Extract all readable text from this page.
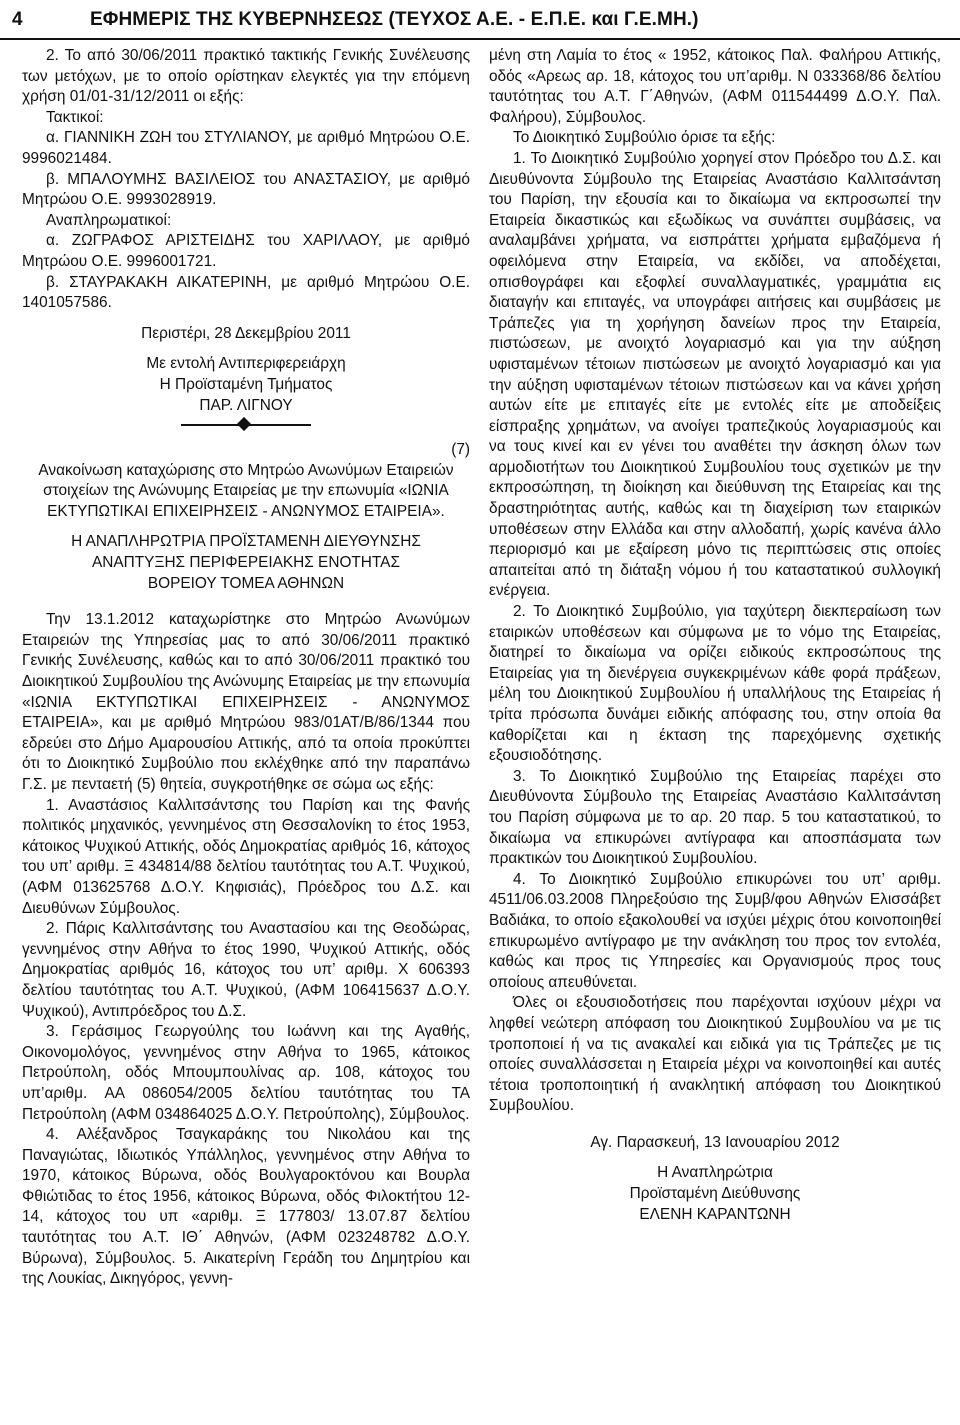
4	ΕΦΗΜΕΡΙΣ ΤΗΣ ΚΥΒΕΡΝΗΣΕΩΣ (ΤΕΥΧΟΣ Α.Ε. - Ε.Π.Ε. και Γ.Ε.ΜΗ.)

2. Το από 30/06/2011 πρακτικό τακτικής Γενικής Συνέλευσης των μετόχων, με το οποίο ορίστηκαν ελεγκτές για την επόμενη χρήση 01/01-31/12/2011 οι εξής:

Τακτικοί:

α. ΓΙΑΝΝΙΚΗ ΖΩΗ του ΣΤΥΛΙΑΝΟΥ, με αριθμό Μητρώου Ο.Ε. 9996021484.

β. ΜΠΑΛΟΥΜΗΣ ΒΑΣΙΛΕΙΟΣ του ΑΝΑΣΤΑΣΙΟΥ, με αριθμό Μητρώου Ο.Ε. 9993028919.

Αναπληρωματικοί:

α. ΖΩΓΡΑΦΟΣ ΑΡΙΣΤΕΙΔΗΣ του ΧΑΡΙΛΑΟΥ, με αριθμό Μητρώου Ο.Ε. 9996001721.

β. ΣΤΑΥΡΑΚΑΚΗ ΑΙΚΑΤΕΡΙΝΗ, με αριθμό Μητρώου Ο.Ε. 1401057586.

Περιστέρι, 28 Δεκεμβρίου 2011

Με εντολή Αντιπεριφερειάρχη

Η Προϊσταμένη Τμήματος

ΠΑΡ. ΛΙΓΝΟΥ

(7)

Ανακοίνωση καταχώρισης στο Μητρώο Ανωνύμων Εταιρειών στοιχείων της Ανώνυμης Εταιρείας με την επωνυμία «ΙΩΝΙΑ ΕΚΤΥΠΩΤΙΚΑΙ ΕΠΙΧΕΙΡΗΣΕΙΣ - ΑΝΩΝΥΜΟΣ ΕΤΑΙΡΕΙΑ».

Η ΑΝΑΠΛΗΡΩΤΡΙΑ ΠΡΟΪΣΤΑΜΕΝΗ ΔΙΕΥΘΥΝΣΗΣ

ΑΝΑΠΤΥΞΗΣ ΠΕΡΙΦΕΡΕΙΑΚΗΣ ΕΝΟΤΗΤΑΣ

ΒΟΡΕΙΟΥ ΤΟΜΕΑ ΑΘΗΝΩΝ

Την 13.1.2012 καταχωρίστηκε στο Μητρώο Ανωνύμων Εταιρειών της Υπηρεσίας μας το από 30/06/2011 πρακτικό Γενικής Συνέλευσης, καθώς και το από 30/06/2011 πρακτικό του Διοικητικού Συμβουλίου της Ανώνυμης Εταιρείας με την επωνυμία «ΙΩΝΙΑ ΕΚΤΥΠΩΤΙΚΑΙ ΕΠΙΧΕΙΡΗΣΕΙΣ - ΑΝΩΝΥΜΟΣ ΕΤΑΙΡΕΙΑ», και με αριθμό Μητρώου 983/01ΑΤ/Β/86/1344 που εδρεύει στο Δήμο Αμαρουσίου Αττικής, από τα οποία προκύπτει ότι το Διοικητικό Συμβούλιο που εκλέχθηκε από την παραπάνω Γ.Σ. με πενταετή (5) θητεία, συγκροτήθηκε σε σώμα ως εξής:

1. Αναστάσιος Καλλιτσάντσης του Παρίση και της Φανής πολιτικός μηχανικός, γεννημένος στη Θεσσαλονίκη το έτος 1953, κάτοικος Ψυχικού Αττικής, οδός Δημοκρατίας αριθμός 16, κάτοχος του υπ’ αριθμ. Ξ 434814/88 δελτίου ταυτότητας του Α.Τ. Ψυχικού, (ΑΦΜ 013625768 Δ.Ο.Υ. Κηφισιάς), Πρόεδρος του Δ.Σ. και Διευθύνων Σύμβουλος.

2. Πάρις Καλλιτσάντσης του Αναστασίου και της Θεοδώρας, γεννημένος στην Αθήνα το έτος 1990, Ψυχικού Αττικής, οδός Δημοκρατίας αριθμός 16, κάτοχος του υπ’ αριθμ. Χ 606393 δελτίου ταυτότητας του Α.Τ. Ψυχικού, (ΑΦΜ 106415637 Δ.Ο.Υ. Ψυχικού), Αντιπρόεδρος του Δ.Σ.

3. Γεράσιμος Γεωργούλης του Ιωάννη και της Αγαθής, Οικονομολόγος, γεννημένος στην Αθήνα το 1965, κάτοικος Πετρούπολη, οδός Μπουμπουλίνας αρ. 108, κάτοχος του υπ’αριθμ. ΑΑ 086054/2005 δελτίου ταυτότητας του ΤΑ Πετρούπολη (ΑΦΜ 034864025 Δ.Ο.Υ. Πετρούπολης), Σύμβουλος.

4. Αλέξανδρος Τσαγκαράκης του Νικολάου και της Παναγιώτας, Ιδιωτικός Υπάλληλος, γεννημένος στην Αθήνα το 1970, κάτοικος Βύρωνα, οδός Βουλγαροκτόνου και Βουρλα Φθιώτιδας το έτος 1956, κάτοικος Βύρωνα, οδός Φιλοκτήτου 12-14, κάτοχος του υπ «αριθμ. Ξ 177803/ 13.07.87 δελτίου ταυτότητας του Α.Τ. ΙΘ΄ Αθηνών, (ΑΦΜ 023248782 Δ.Ο.Υ. Βύρωνα), Σύμβουλος. 5. Αικατερίνη Γεράδη του Δημητρίου και της Λουκίας, Δικηγόρος, γεννη-

μένη στη Λαμία το έτος « 1952, κάτοικος Παλ. Φαλήρου Αττικής, οδός «Αρεως αρ. 18, κάτοχος του υπ’αριθμ. Ν 033368/86 δελτίου ταυτότητας του Α.Τ. Γ΄Αθηνών, (ΑΦΜ 011544499 Δ.Ο.Υ. Παλ. Φαλήρου), Σύμβουλος.

Το Διοικητικό Συμβούλιο όρισε τα εξής:

1. Το Διοικητικό Συμβούλιο χορηγεί στον Πρόεδρο του Δ.Σ. και Διευθύνοντα Σύμβουλο της Εταιρείας Αναστάσιο Καλλιτσάντση του Παρίση, την εξουσία και το δικαίωμα να εκπροσωπεί την Εταιρεία δικαστικώς και εξωδίκως να συνάπτει συμβάσεις, να αναλαμβάνει χρήματα, να εισπράττει χρήματα εμβαζόμενα ή οφειλόμενα στην Εταιρεία, να εκδίδει, να αποδέχεται, οπισθογράφει και εξοφλεί συναλλαγματικές, γραμμάτια εις διαταγήν και επιταγές, να υπογράφει αιτήσεις και συμβάσεις με Τράπεζες για τη χορήγηση δανείων προς την Εταιρεία, πιστώσεων, με ανοιχτό λογαριασμό και για την αύξηση υφισταμένων τέτοιων πιστώσεων με ανοιχτό λογαριασμό και για την αύξηση υφισταμένων τέτοιων πιστώσεων και να κάνει χρήση αυτών είτε με επιταγές είτε με εντολές είτε με αποδείξεις είσπραξης χρημάτων, να ανοίγει τραπεζικούς λογαριασμούς και να τους κινεί και εν γένει του αναθέτει την άσκηση όλων των αρμοδιοτήτων του Διοικητικού Συμβουλίου τους σχετικών με την εκπροσώπηση, τη διοίκηση και διεύθυνση της Εταιρείας και της δραστηριότητας αυτής, καθώς και τη διαχείριση των εταιρικών υποθέσεων στην Ελλάδα και στην αλλοδαπή, χωρίς κανένα άλλο περιορισμό και με εξαίρεση μόνο τις περιπτώσεις στις οποίες απαιτείται από τη διάταξη νόμου ή του καταστατικού συλλογική ενέργεια.

2. Το Διοικητικό Συμβούλιο, για ταχύτερη διεκπεραίωση των εταιρικών υποθέσεων και σύμφωνα με το νόμο της Εταιρείας, διατηρεί το δικαίωμα να ορίζει ειδικούς εκπροσώπους της Εταιρείας για τη διενέργεια συγκεκριμένων κάθε φορά πράξεων, μέλη του Διοικητικού Συμβουλίου ή υπαλλήλους της Εταιρείας ή τρίτα πρόσωπα δυνάμει ειδικής απόφασης του, στην οποία θα καθορίζεται και η έκταση της παρεχόμενης σχετικής εξουσιοδότησης.

3. Το Διοικητικό Συμβούλιο της Εταιρείας παρέχει στο Διευθύνοντα Σύμβουλο της Εταιρείας Αναστάσιο Καλλιτσάντση του Παρίση σύμφωνα με το αρ. 20 παρ. 5 του καταστατικού, το δικαίωμα να επικυρώνει αντίγραφα και αποσπάσματα των πρακτικών του Διοικητικού Συμβουλίου.

4. Το Διοικητικό Συμβούλιο επικυρώνει του υπ’ αριθμ. 4511/06.03.2008 Πληρεξούσιο της Συμβ/φου Αθηνών Ελισσάβετ Βαδιάκα, το οποίο εξακολουθεί να ισχύει μέχρις ότου κοινοποιηθεί επικυρωμένο αντίγραφο με την ανάκληση του προς τον εντολέα, καθώς και προς τις Υπηρεσίες και Οργανισμούς προς τους οποίους απευθύνεται.

Όλες οι εξουσιοδοτήσεις που παρέχονται ισχύουν μέχρι να ληφθεί νεώτερη απόφαση του Διοικητικού Συμβουλίου να με τις τροποποιεί ή να τις ανακαλεί και ειδικά για τις Τράπεζες με τις οποίες συναλλάσσεται η Εταιρεία μέχρι να κοινοποιηθεί και αυτές τέτοια τροποποιητική ή ανακλητική απόφαση του Διοικητικού Συμβουλίου.

Αγ. Παρασκευή, 13 Ιανουαρίου 2012

Η Αναπληρώτρια

Προϊσταμένη Διεύθυνσης

ΕΛΕΝΗ ΚΑΡΑΝΤΩΝΗ
